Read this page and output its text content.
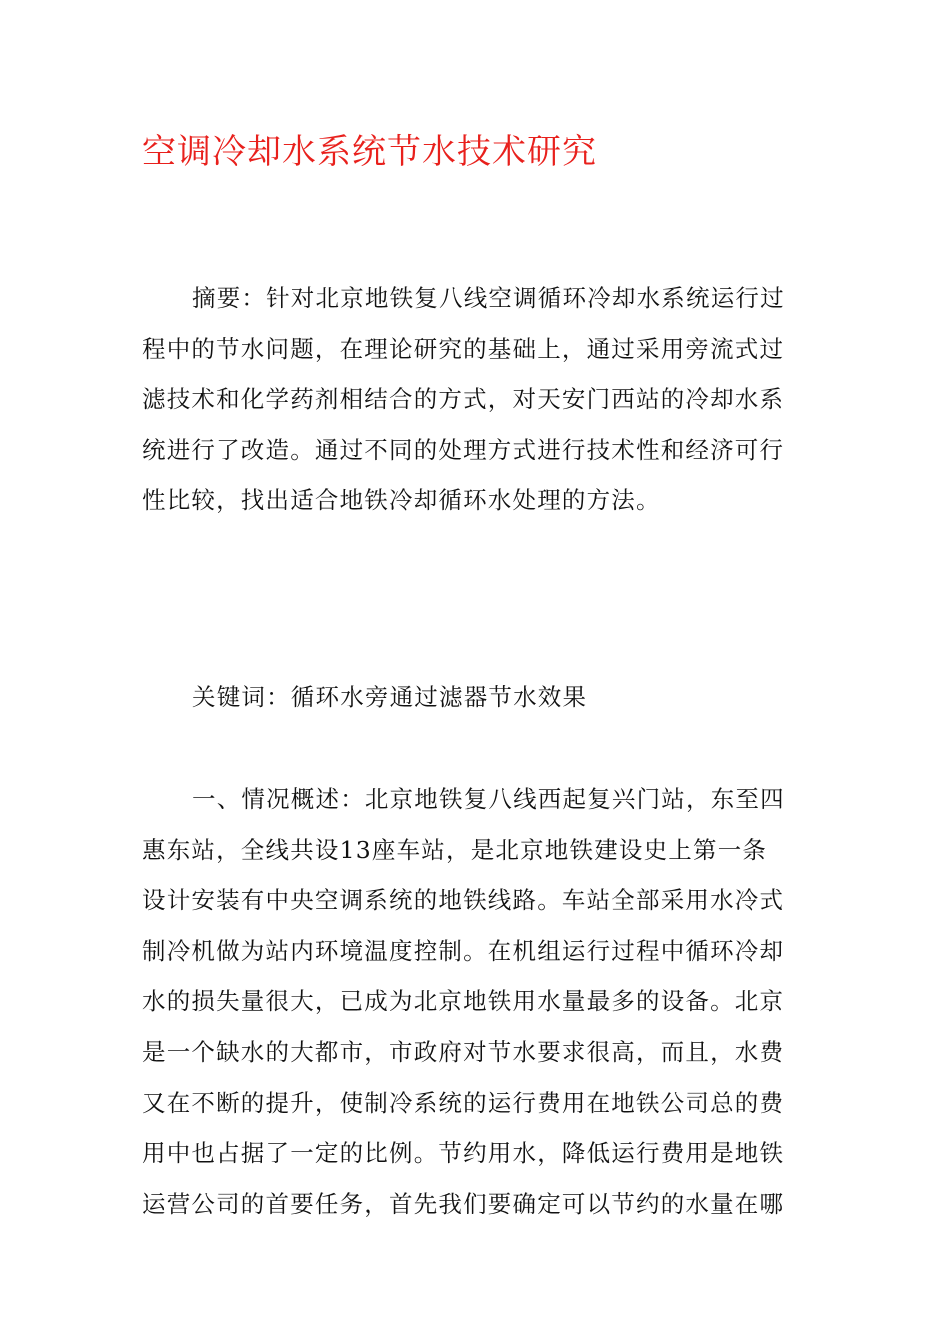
空调冷却水系统节水技术研究

摘要：针对北京地铁复八线空调循环冷却水系统运行过
程中的节水问题，在理论研究的基础上，通过采用旁流式过
滤技术和化学药剂相结合的方式，对天安门西站的冷却水系
统进行了改造。通过不同的处理方式进行技术性和经济可行
性比较，找出适合地铁冷却循环水处理的方法。

关键词：循环水旁通过滤器节水效果

一、情况概述：北京地铁复八线西起复兴门站，东至四
惠东站，全线共设13座车站，是北京地铁建设史上第一条
设计安装有中央空调系统的地铁线路。车站全部采用水冷式
制冷机做为站内环境温度控制。在机组运行过程中循环冷却
水的损失量很大，已成为北京地铁用水量最多的设备。北京
是一个缺水的大都市，市政府对节水要求很高，而且，水费
又在不断的提升，使制冷系统的运行费用在地铁公司总的费
用中也占据了一定的比例。节约用水，降低运行费用是地铁
运营公司的首要任务，首先我们要确定可以节约的水量在哪
